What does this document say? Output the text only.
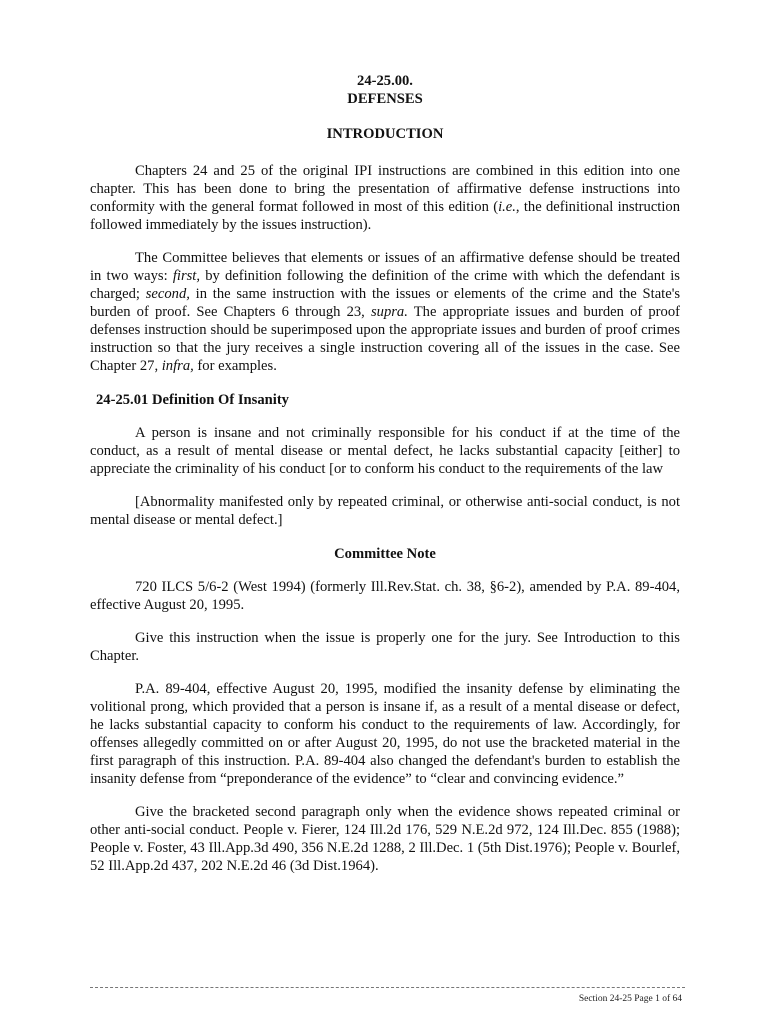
24-25.00.
DEFENSES
INTRODUCTION

Chapters 24 and 25 of the original IPI instructions are combined in this edition into one chapter. This has been done to bring the presentation of affirmative defense instructions into conformity with the general format followed in most of this edition (i.e., the definitional instruction followed immediately by the issues instruction).

The Committee believes that elements or issues of an affirmative defense should be treated in two ways: first, by definition following the definition of the crime with which the defendant is charged; second, in the same instruction with the issues or elements of the crime and the State's burden of proof. See Chapters 6 through 23, supra. The appropriate issues and burden of proof defenses instruction should be superimposed upon the appropriate issues and burden of proof crimes instruction so that the jury receives a single instruction covering all of the issues in the case. See Chapter 27, infra, for examples.

24-25.01 Definition Of Insanity

A person is insane and not criminally responsible for his conduct if at the time of the conduct, as a result of mental disease or mental defect, he lacks substantial capacity [either] to appreciate the criminality of his conduct [or to conform his conduct to the requirements of the law

[Abnormality manifested only by repeated criminal, or otherwise anti-social conduct, is not mental disease or mental defect.]

Committee Note

720 ILCS 5/6-2 (West 1994) (formerly Ill.Rev.Stat. ch. 38, §6-2), amended by P.A. 89-404, effective August 20, 1995.

Give this instruction when the issue is properly one for the jury. See Introduction to this Chapter.

P.A. 89-404, effective August 20, 1995, modified the insanity defense by eliminating the volitional prong, which provided that a person is insane if, as a result of a mental disease or defect, he lacks substantial capacity to conform his conduct to the requirements of law. Accordingly, for offenses allegedly committed on or after August 20, 1995, do not use the bracketed material in the first paragraph of this instruction. P.A. 89-404 also changed the defendant's burden to establish the insanity defense from “preponderance of the evidence” to “clear and convincing evidence.”

Give the bracketed second paragraph only when the evidence shows repeated criminal or other anti-social conduct. People v. Fierer, 124 Ill.2d 176, 529 N.E.2d 972, 124 Ill.Dec. 855 (1988); People v. Foster, 43 Ill.App.3d 490, 356 N.E.2d 1288, 2 Ill.Dec. 1 (5th Dist.1976); People v. Bourlef, 52 Ill.App.2d 437, 202 N.E.2d 46 (3d Dist.1964).

Section 24-25 Page 1 of 64
